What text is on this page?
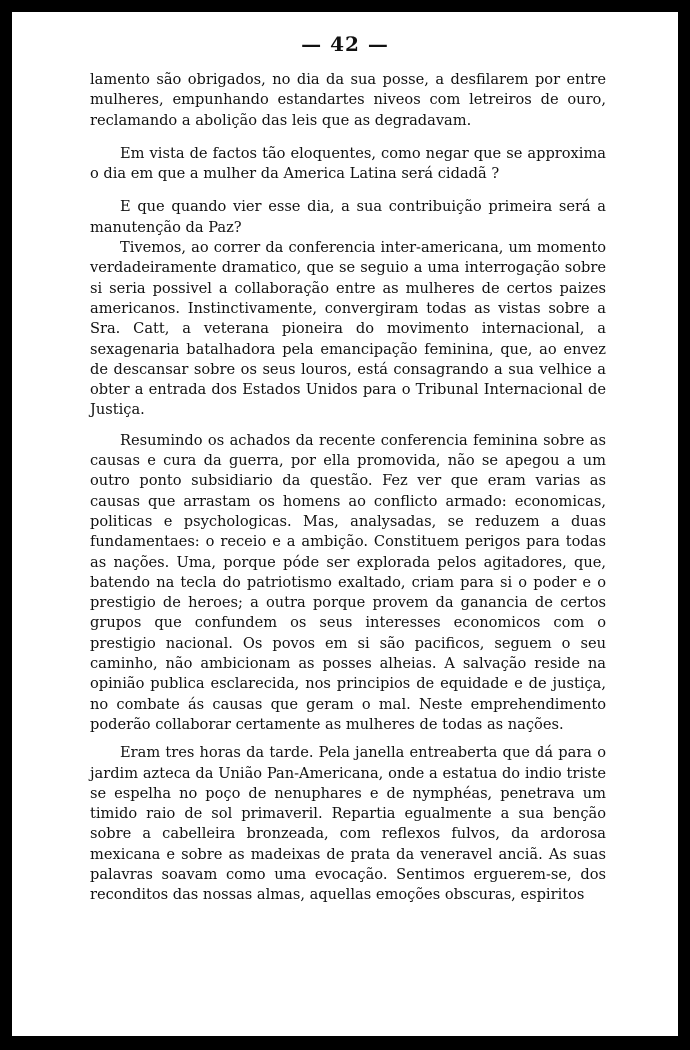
— 42 —

lamento são obrigados, no dia da sua posse, a desfilarem por entre mulheres, empunhando estandartes niveos com letreiros de ouro, reclamando a abolição das leis que as degradavam.

Em vista de factos tão eloquentes, como negar que se approxima o dia em que a mulher da America Latina será cidadã ?

E que quando vier esse dia, a sua contribuição primeira será a manutenção da Paz?

Tivemos, ao correr da conferencia inter-americana, um momento verdadeiramente dramatico, que se seguio a uma interrogação sobre si seria possivel a collaboração entre as mulheres de certos paizes americanos. Instinctivamente, convergiram todas as vistas sobre a Sra. Catt, a veterana pioneira do movimento internacional, a sexagenaria batalhadora pela emancipação feminina, que, ao envez de descansar sobre os seus louros, está consagrando a sua velhice a obter a entrada dos Estados Unidos para o Tribunal Internacional de Justiça.

Resumindo os achados da recente conferencia feminina sobre as causas e cura da guerra, por ella promovida, não se apegou a um outro ponto subsidiario da questão. Fez ver que eram varias as causas que arrastam os homens ao conflicto armado: economicas, politicas e psychologicas. Mas, analysadas, se reduzem a duas fundamentaes: o receio e a ambição. Constituem perigos para todas as nações. Uma, porque póde ser explorada pelos agitadores, que, batendo na tecla do patriotismo exaltado, criam para si o poder e o prestigio de heroes; a outra porque provem da ganancia de certos grupos que confundem os seus interesses economicos com o prestigio nacional. Os povos em si são pacificos, seguem o seu caminho, não ambicionam as posses alheias. A salvação reside na opinião publica esclarecida, nos principios de equidade e de justiça, no combate ás causas que geram o mal. Neste emprehendimento poderão collaborar certamente as mulheres de todas as nações.

Eram tres horas da tarde. Pela janella entreaberta que dá para o jardim azteca da União Pan-Americana, onde a estatua do indio triste se espelha no poço de nenuphares e de nymphéas, penetrava um timido raio de sol primaveril. Repartia egualmente a sua benção sobre a cabelleira bronzeada, com reflexos fulvos, da ardorosa mexicana e sobre as madeixas de prata da veneravel anciã. As suas palavras soavam como uma evocação. Sentimos erguerem-se, dos reconditos das nossas almas, aquellas emoções obscuras, espiritos
